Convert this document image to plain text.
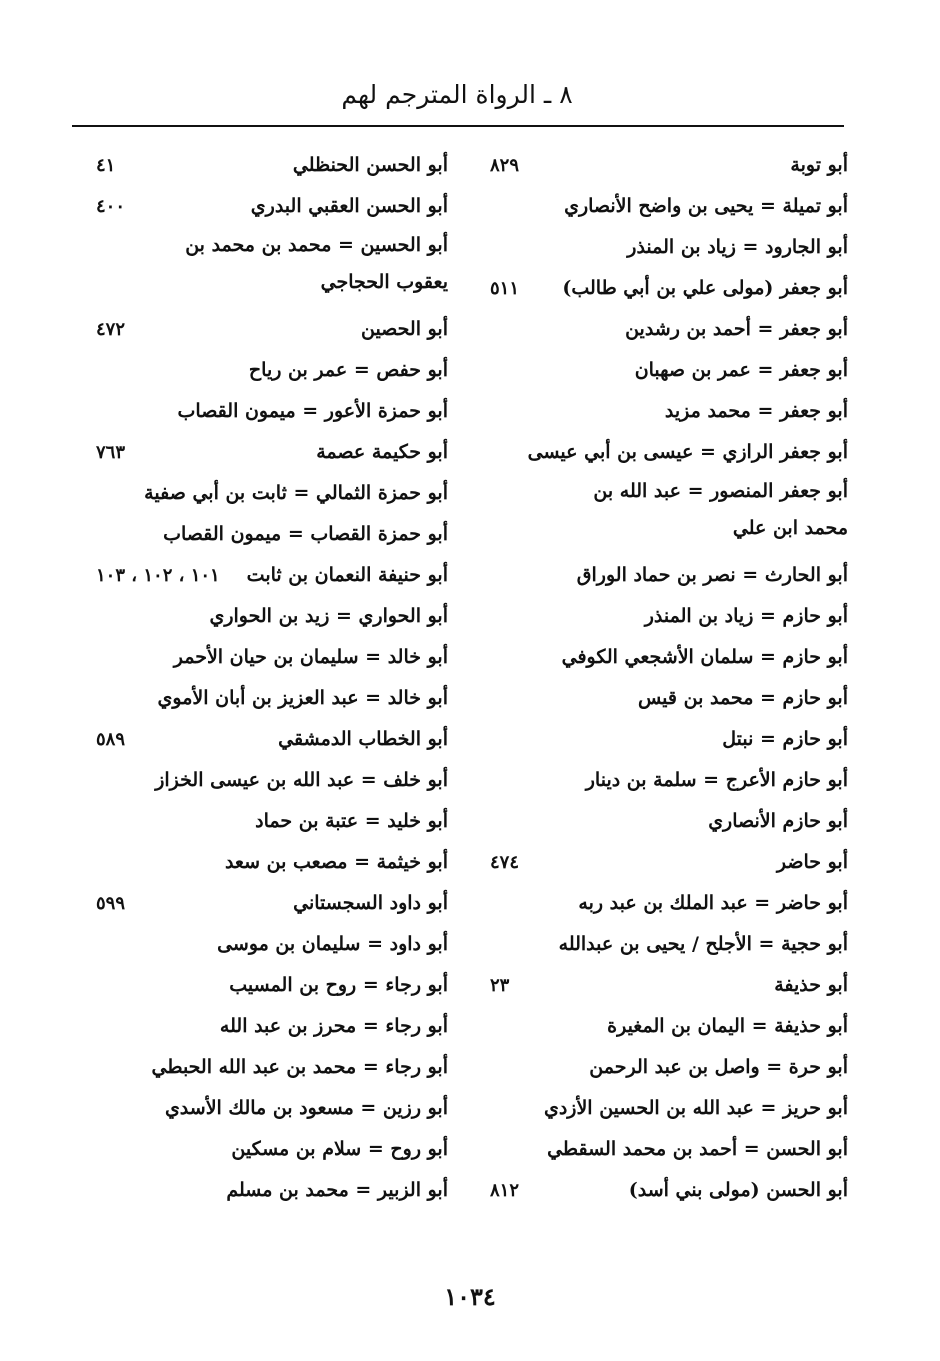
٨ ـ الرواة المترجم لهم
أبو توبة
٨٢٩
أبو تميلة = يحيى بن واضح الأنصاري
أبو الجارود = زياد بن المنذر
أبو جعفر (مولى علي بن أبي طالب)
٥١١
أبو جعفر = أحمد بن رشدين
أبو جعفر = عمر بن صهبان
أبو جعفر = محمد مزيد
أبو جعفر الرازي = عيسى بن أبي عيسى
أبو جعفر المنصور = عبد الله بن محمد ابن علي
أبو الحارث = نصر بن حماد الوراق
أبو حازم = زياد بن المنذر
أبو حازم = سلمان الأشجعي الكوفي
أبو حازم = محمد بن قيس
أبو حازم = نبتل
أبو حازم الأعرج = سلمة بن دينار
أبو حازم الأنصاري
أبو حاضر
٤٧٤
أبو حاضر = عبد الملك بن عبد ربه
أبو حجية = الأجلح / يحيى بن عبدالله
أبو حذيفة
٢٣
أبو حذيفة = اليمان بن المغيرة
أبو حرة = واصل بن عبد الرحمن
أبو حريز = عبد الله بن الحسين الأزدي
أبو الحسن = أحمد بن محمد السقطي
أبو الحسن (مولى بني أسد)
٨١٢
أبو الحسن الحنظلي
٤١
أبو الحسن العقبي البدري
٤٠٠
أبو الحسين = محمد بن محمد بن يعقوب الحجاجي
أبو الحصين
٤٧٢
أبو حفص = عمر بن رياح
أبو حمزة الأعور = ميمون القصاب
أبو حكيمة عصمة
٧٦٣
أبو حمزة الثمالي = ثابت بن أبي صفية
أبو حمزة القصاب = ميمون القصاب
أبو حنيفة النعمان بن ثابت
١٠١ ، ١٠٢ ، ١٠٣
أبو الحواري = زيد بن الحواري
أبو خالد = سليمان بن حيان الأحمر
أبو خالد = عبد العزيز بن أبان الأموي
أبو الخطاب الدمشقي
٥٨٩
أبو خلف = عبد الله بن عيسى الخزاز
أبو خليد = عتبة بن حماد
أبو خيثمة = مصعب بن سعد
أبو داود السجستاني
٥٩٩
أبو داود = سليمان بن موسى
أبو رجاء = روح بن المسيب
أبو رجاء = محرز بن عبد الله
أبو رجاء = محمد بن عبد الله الحبطي
أبو رزين = مسعود بن مالك الأسدي
أبو روح = سلام بن مسكين
أبو الزبير = محمد بن مسلم
١٠٣٤
